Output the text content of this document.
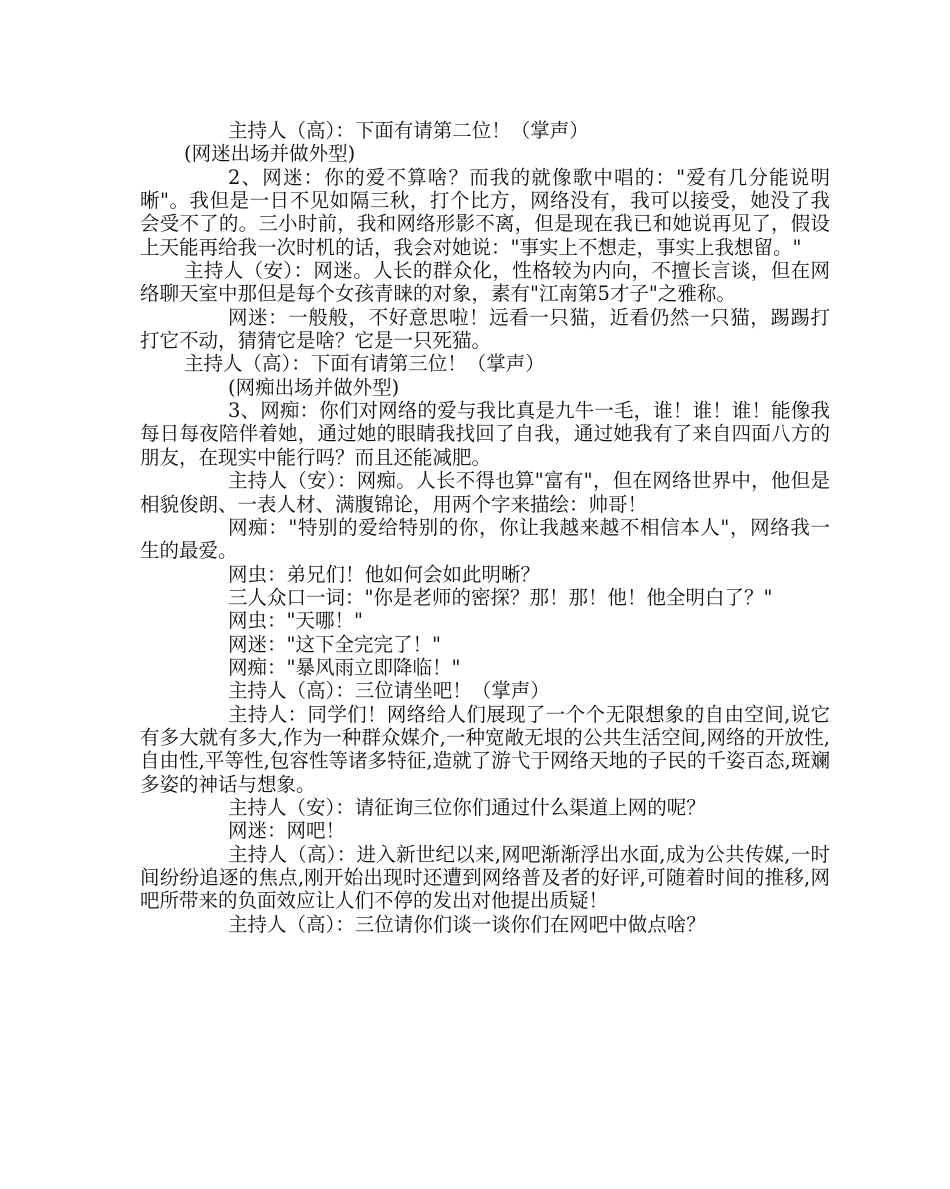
主持人（高）：下面有请第二位！（掌声）

(网迷出场并做外型)

2、网迷：你的爱不算啥？而我的就像歌中唱的："爱有几分能说明晰"。我但是一日不见如隔三秋，打个比方，网络没有，我可以接受，她没了我会受不了的。三小时前，我和网络形影不离，但是现在我已和她说再见了，假设上天能再给我一次时机的话，我会对她说："事实上不想走，事实上我想留。"

主持人（安）：网迷。人长的群众化，性格较为内向，不擅长言谈，但在网络聊天室中那但是每个女孩青睐的对象，素有"江南第5才子"之雅称。

网迷：一般般，不好意思啦！远看一只猫，近看仍然一只猫，踢踢打打它不动，猜猜它是啥？它是一只死猫。

主持人（高）：下面有请第三位！（掌声）

(网痴出场并做外型)

3、网痴：你们对网络的爱与我比真是九牛一毛，谁！谁！谁！能像我每日每夜陪伴着她，通过她的眼睛我找回了自我，通过她我有了来自四面八方的朋友，在现实中能行吗？而且还能减肥。

主持人（安）：网痴。人长不得也算"富有"，但在网络世界中，他但是相貌俊朗、一表人材、满腹锦论，用两个字来描绘：帅哥！

网痴："特别的爱给特别的你，你让我越来越不相信本人"，网络我一生的最爱。

网虫：弟兄们！他如何会如此明晰？

三人众口一词："你是老师的密探？那！那！他！他全明白了？"

网虫："天哪！"

网迷："这下全完完了！"

网痴："暴风雨立即降临！"

主持人（高）：三位请坐吧！（掌声）

主持人：同学们！网络给人们展现了一个个无限想象的自由空间,说它有多大就有多大,作为一种群众媒介,一种宽敞无垠的公共生活空间,网络的开放性,自由性,平等性,包容性等诸多特征,造就了游弋于网络天地的子民的千姿百态,斑斓多姿的神话与想象。

主持人（安）：请征询三位你们通过什么渠道上网的呢？

网迷：网吧！

主持人（高）：进入新世纪以来,网吧渐渐浮出水面,成为公共传媒,一时间纷纷追逐的焦点,刚开始出现时还遭到网络普及者的好评,可随着时间的推移,网吧所带来的负面效应让人们不停的发出对他提出质疑！

主持人（高）：三位请你们谈一谈你们在网吧中做点啥？
